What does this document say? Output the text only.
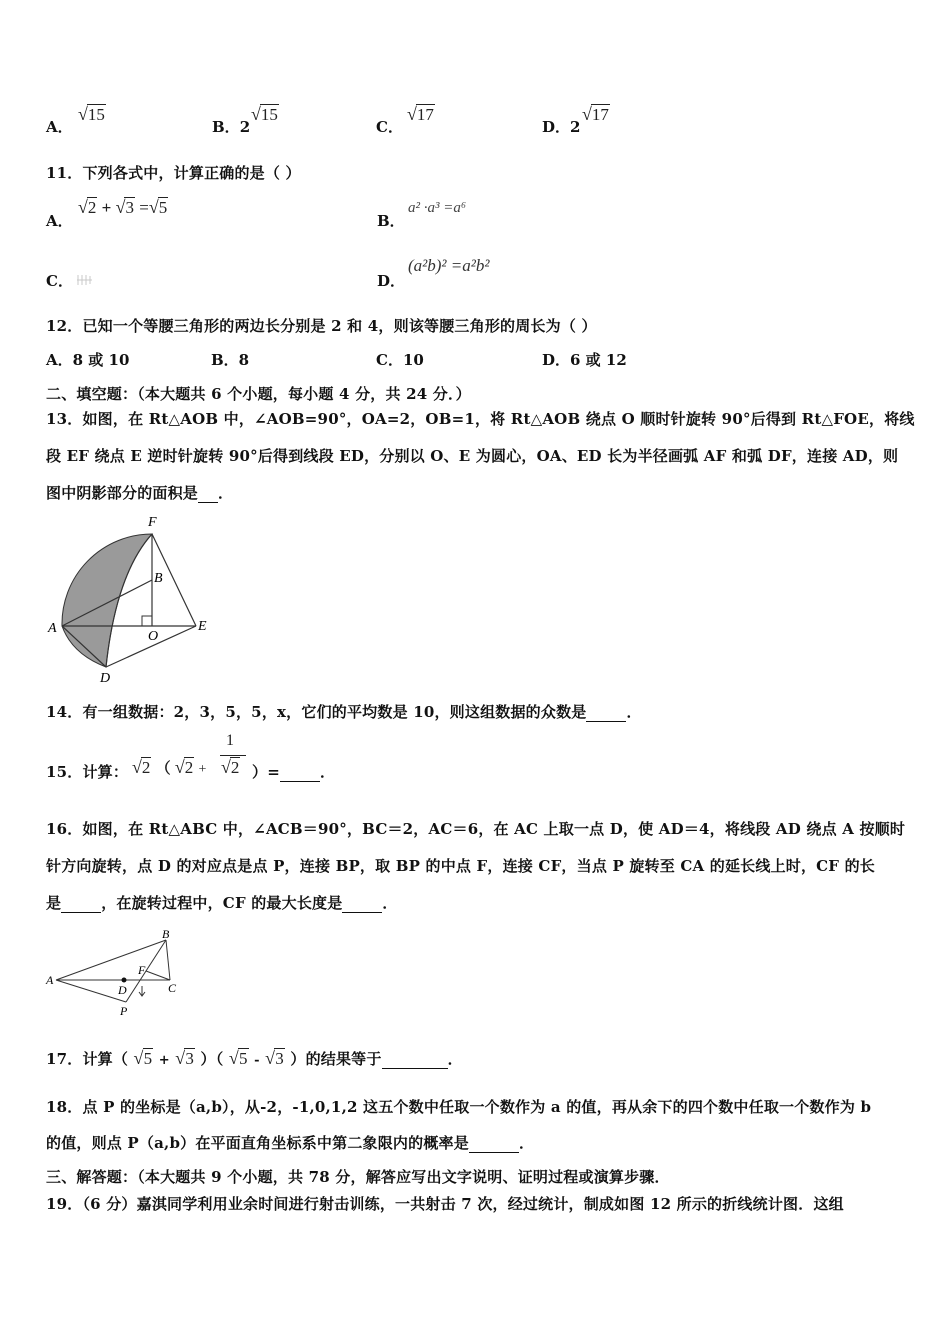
A．
√15
B．2
√15
C．
√17
D．2
√17
11．下列各式中，计算正确的是（ ）
A．
√2 + √3 =√5
B．
a² ·a³ =a⁶
C．	D．
(a²b)² =a²b²
12．已知一个等腰三角形的两边长分别是 2 和 4，则该等腰三角形的周长为（ ）
A．8 或 10	B．8	C．10	D．6 或 12
二、填空题：（本大题共 6 个小题，每小题 4 分，共 24 分．）
13．如图，在 Rt△AOB 中，∠AOB=90°，OA=2，OB=1，将 Rt△AOB 绕点 O 顺时针旋转 90°后得到 Rt△FOE，将线
段 EF 绕点 E 逆时针旋转 90°后得到线段 ED，分别以 O、E 为圆心，OA、ED 长为半径画弧 AF 和弧 DF，连接 AD，则
图中阴影部分的面积是 ．
F
B
A
O
E
D
14．有一组数据：2，3，5，5，x，它们的平均数是 10，则这组数据的众数是	．
15．计算： √2 （ √2 +
1
√2 ）=	．
16．如图，在 Rt△ABC 中，∠ACB＝90°，BC＝2，AC＝6，在 AC 上取一点 D，使 AD＝4，将线段 AD 绕点 A 按顺时
针方向旋转，点 D 的对应点是点 P，连接 BP，取 BP 的中点 F，连接 CF，当点 P 旋转至 CA 的延长线上时，CF 的长
是	，在旋转过程中，CF 的最大长度是	．
A
B
C
D
F
P
17．计算（ √5 + √3 ）（ √5 - √3 ）的结果等于	．
18．点 P 的坐标是（a,b），从-2，-1,0,1,2 这五个数中任取一个数作为 a 的值，再从余下的四个数中任取一个数作为 b
的值，则点 P（a,b）在平面直角坐标系中第二象限内的概率是	．
三、解答题：（本大题共 9 个小题，共 78 分，解答应写出文字说明、证明过程或演算步骤．
19．（6 分）嘉淇同学利用业余时间进行射击训练，一共射击 7 次，经过统计，制成如图 12 所示的折线统计图．这组
